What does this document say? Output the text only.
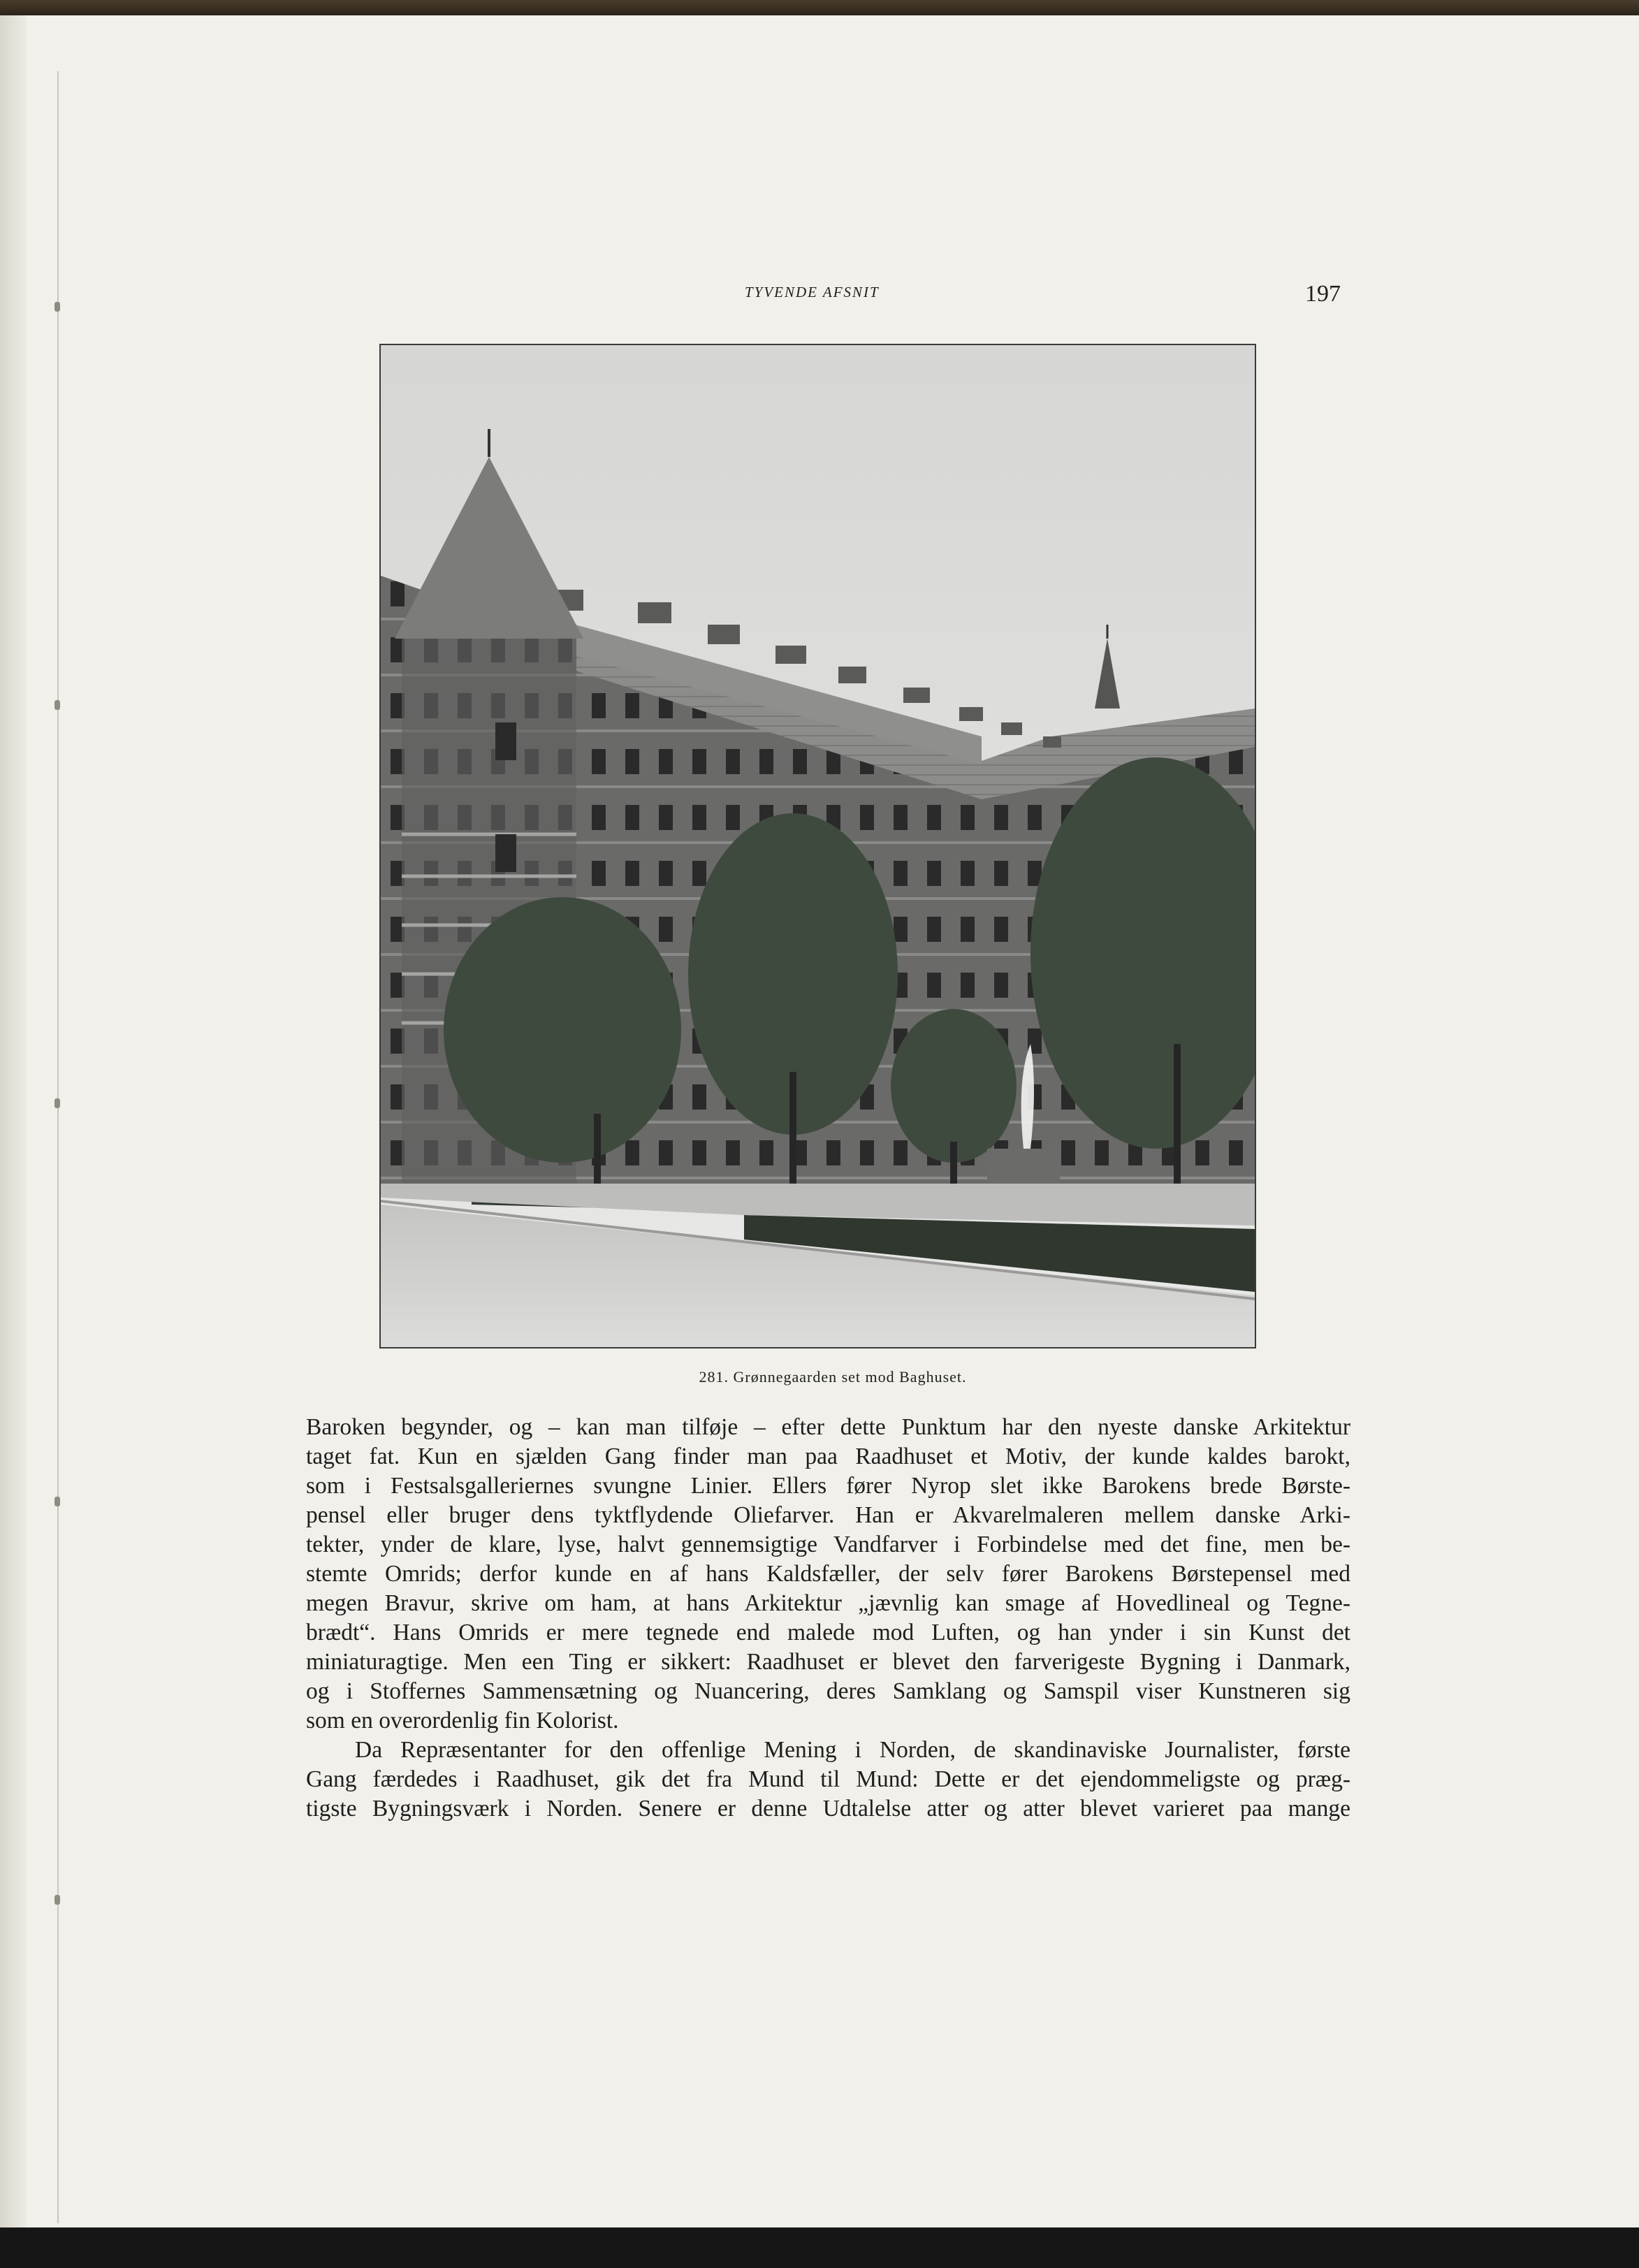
TYVENDE AFSNIT	197
281. Grønnegaarden set mod Baghuset.
Baroken begynder, og – kan man tilføje – efter dette Punktum har den nyeste danske Arkitektur
taget fat. Kun en sjælden Gang finder man paa Raadhuset et Motiv, der kunde kaldes barokt,
som i Festsalsgalleriernes svungne Linier. Ellers fører Nyrop slet ikke Barokens brede Børste-
pensel eller bruger dens tyktflydende Oliefarver. Han er Akvarelmaleren mellem danske Arki-
tekter, ynder de klare, lyse, halvt gennemsigtige Vandfarver i Forbindelse med det fine, men be-
stemte Omrids; derfor kunde en af hans Kaldsfæller, der selv fører Barokens Børstepensel med
megen Bravur, skrive om ham, at hans Arkitektur „jævnlig kan smage af Hovedlineal og Tegne-
brædt“. Hans Omrids er mere tegnede end malede mod Luften, og han ynder i sin Kunst det
miniaturagtige. Men een Ting er sikkert: Raadhuset er blevet den farverigeste Bygning i Danmark,
og i Stoffernes Sammensætning og Nuancering, deres Samklang og Samspil viser Kunstneren sig
som en overordenlig fin Kolorist.
Da Repræsentanter for den offenlige Mening i Norden, de skandinaviske Journalister, første
Gang færdedes i Raadhuset, gik det fra Mund til Mund: Dette er det ejendommeligste og præg-
tigste Bygningsværk i Norden. Senere er denne Udtalelse atter og atter blevet varieret paa mange
